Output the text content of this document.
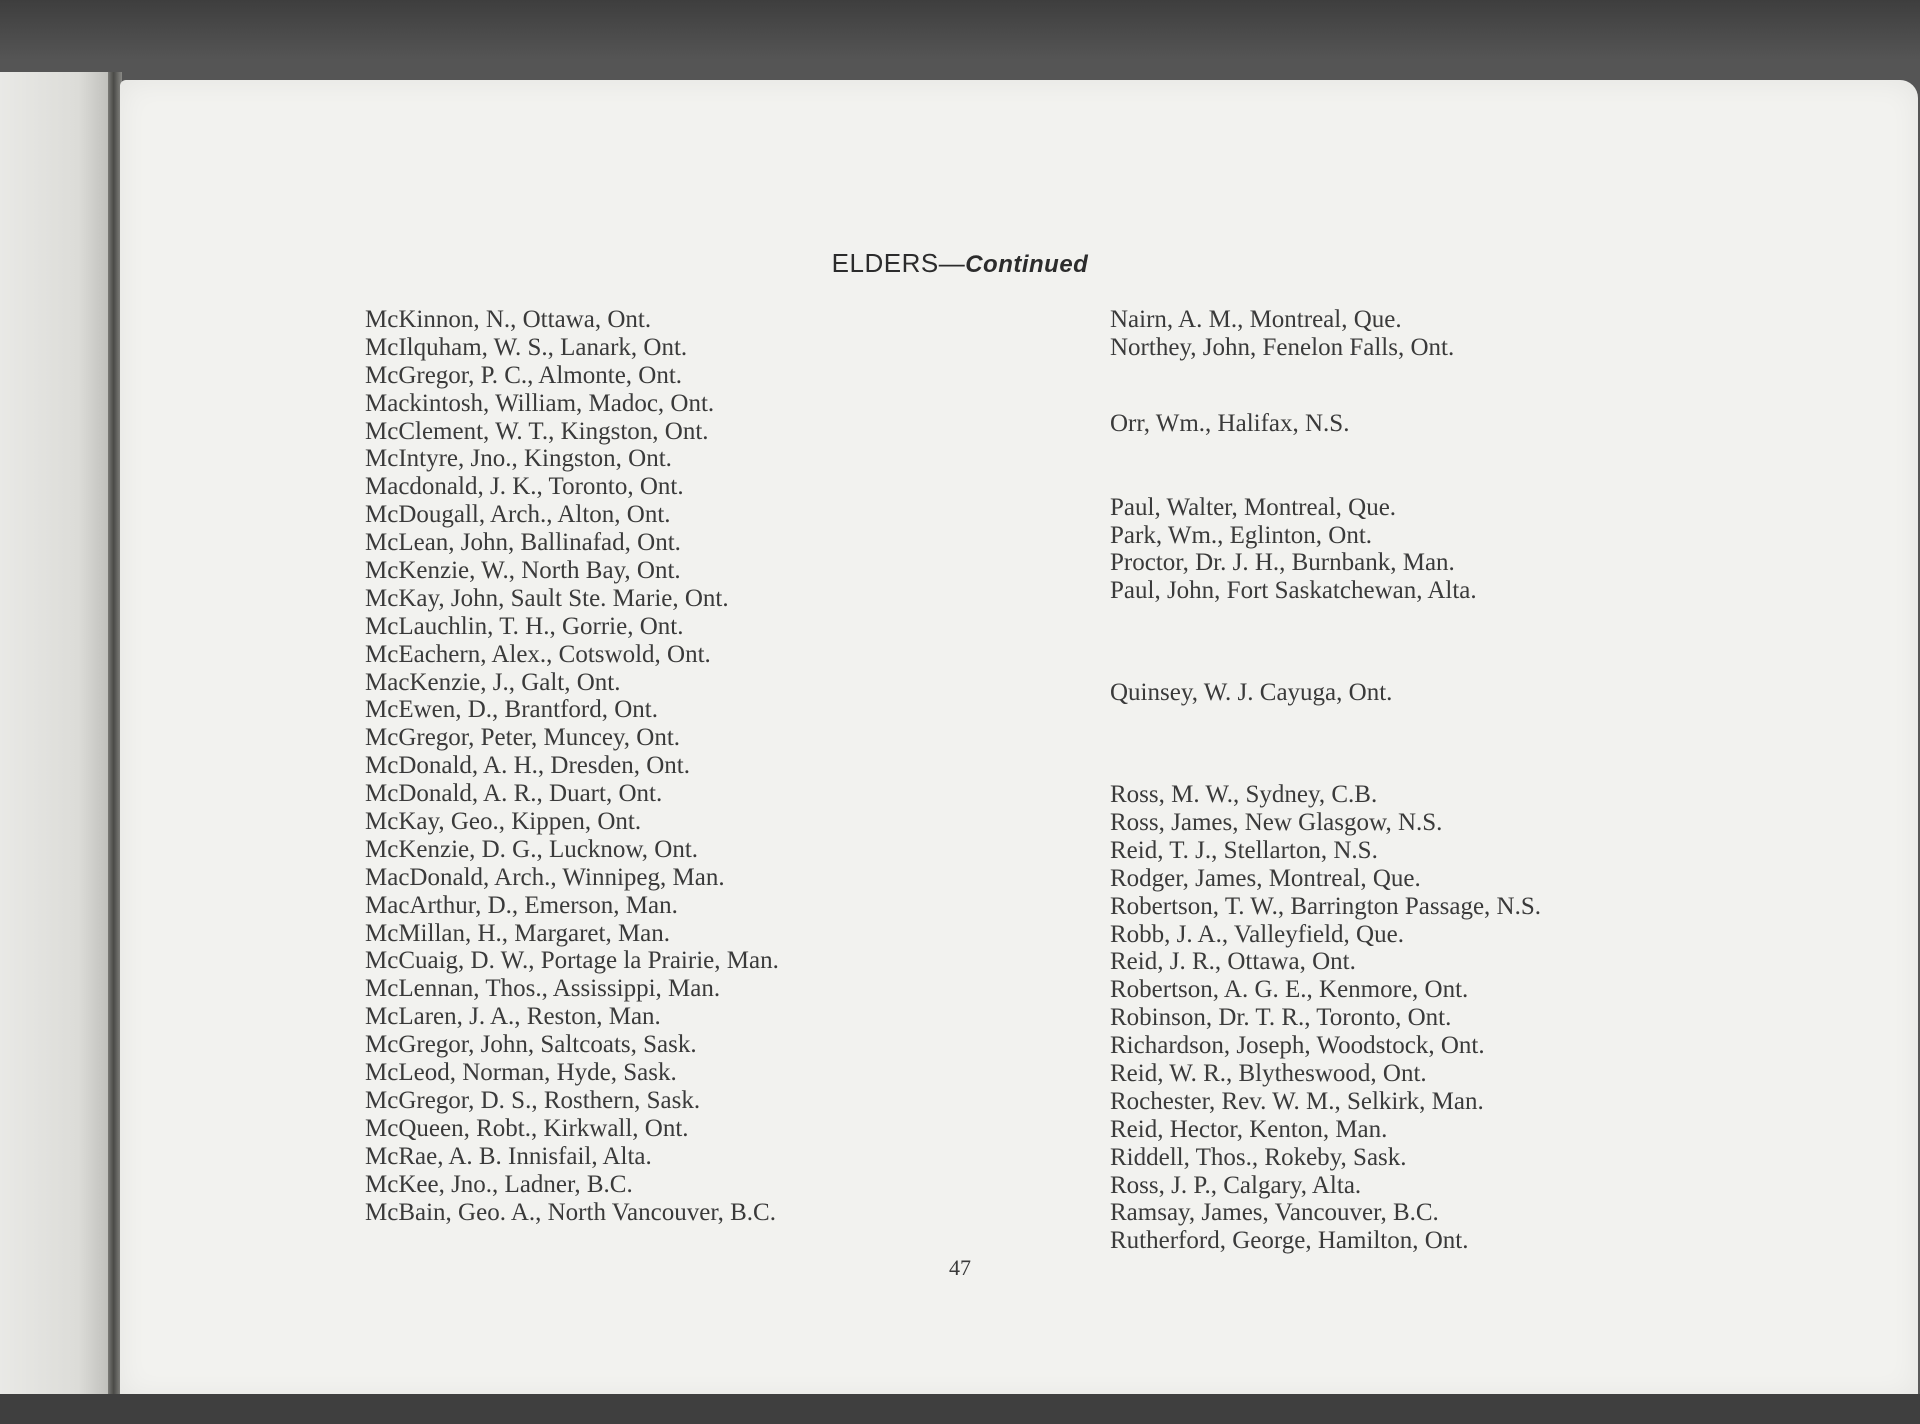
ELDERS—Continued
McKinnon, N., Ottawa, Ont.
McIlquham, W. S., Lanark, Ont.
McGregor, P. C., Almonte, Ont.
Mackintosh, William, Madoc, Ont.
McClement, W. T., Kingston, Ont.
McIntyre, Jno., Kingston, Ont.
Macdonald, J. K., Toronto, Ont.
McDougall, Arch., Alton, Ont.
McLean, John, Ballinafad, Ont.
McKenzie, W., North Bay, Ont.
McKay, John, Sault Ste. Marie, Ont.
McLauchlin, T. H., Gorrie, Ont.
McEachern, Alex., Cotswold, Ont.
MacKenzie, J., Galt, Ont.
McEwen, D., Brantford, Ont.
McGregor, Peter, Muncey, Ont.
McDonald, A. H., Dresden, Ont.
McDonald, A. R., Duart, Ont.
McKay, Geo., Kippen, Ont.
McKenzie, D. G., Lucknow, Ont.
MacDonald, Arch., Winnipeg, Man.
MacArthur, D., Emerson, Man.
McMillan, H., Margaret, Man.
McCuaig, D. W., Portage la Prairie, Man.
McLennan, Thos., Assissippi, Man.
McLaren, J. A., Reston, Man.
McGregor, John, Saltcoats, Sask.
McLeod, Norman, Hyde, Sask.
McGregor, D. S., Rosthern, Sask.
McQueen, Robt., Kirkwall, Ont.
McRae, A. B. Innisfail, Alta.
McKee, Jno., Ladner, B.C.
McBain, Geo. A., North Vancouver, B.C.
Nairn, A. M., Montreal, Que.
Northey, John, Fenelon Falls, Ont.
Orr, Wm., Halifax, N.S.
Paul, Walter, Montreal, Que.
Park, Wm., Eglinton, Ont.
Proctor, Dr. J. H., Burnbank, Man.
Paul, John, Fort Saskatchewan, Alta.
Quinsey, W. J. Cayuga, Ont.
Ross, M. W., Sydney, C.B.
Ross, James, New Glasgow, N.S.
Reid, T. J., Stellarton, N.S.
Rodger, James, Montreal, Que.
Robertson, T. W., Barrington Passage, N.S.
Robb, J. A., Valleyfield, Que.
Reid, J. R., Ottawa, Ont.
Robertson, A. G. E., Kenmore, Ont.
Robinson, Dr. T. R., Toronto, Ont.
Richardson, Joseph, Woodstock, Ont.
Reid, W. R., Blytheswood, Ont.
Rochester, Rev. W. M., Selkirk, Man.
Reid, Hector, Kenton, Man.
Riddell, Thos., Rokeby, Sask.
Ross, J. P., Calgary, Alta.
Ramsay, James, Vancouver, B.C.
Rutherford, George, Hamilton, Ont.
47
